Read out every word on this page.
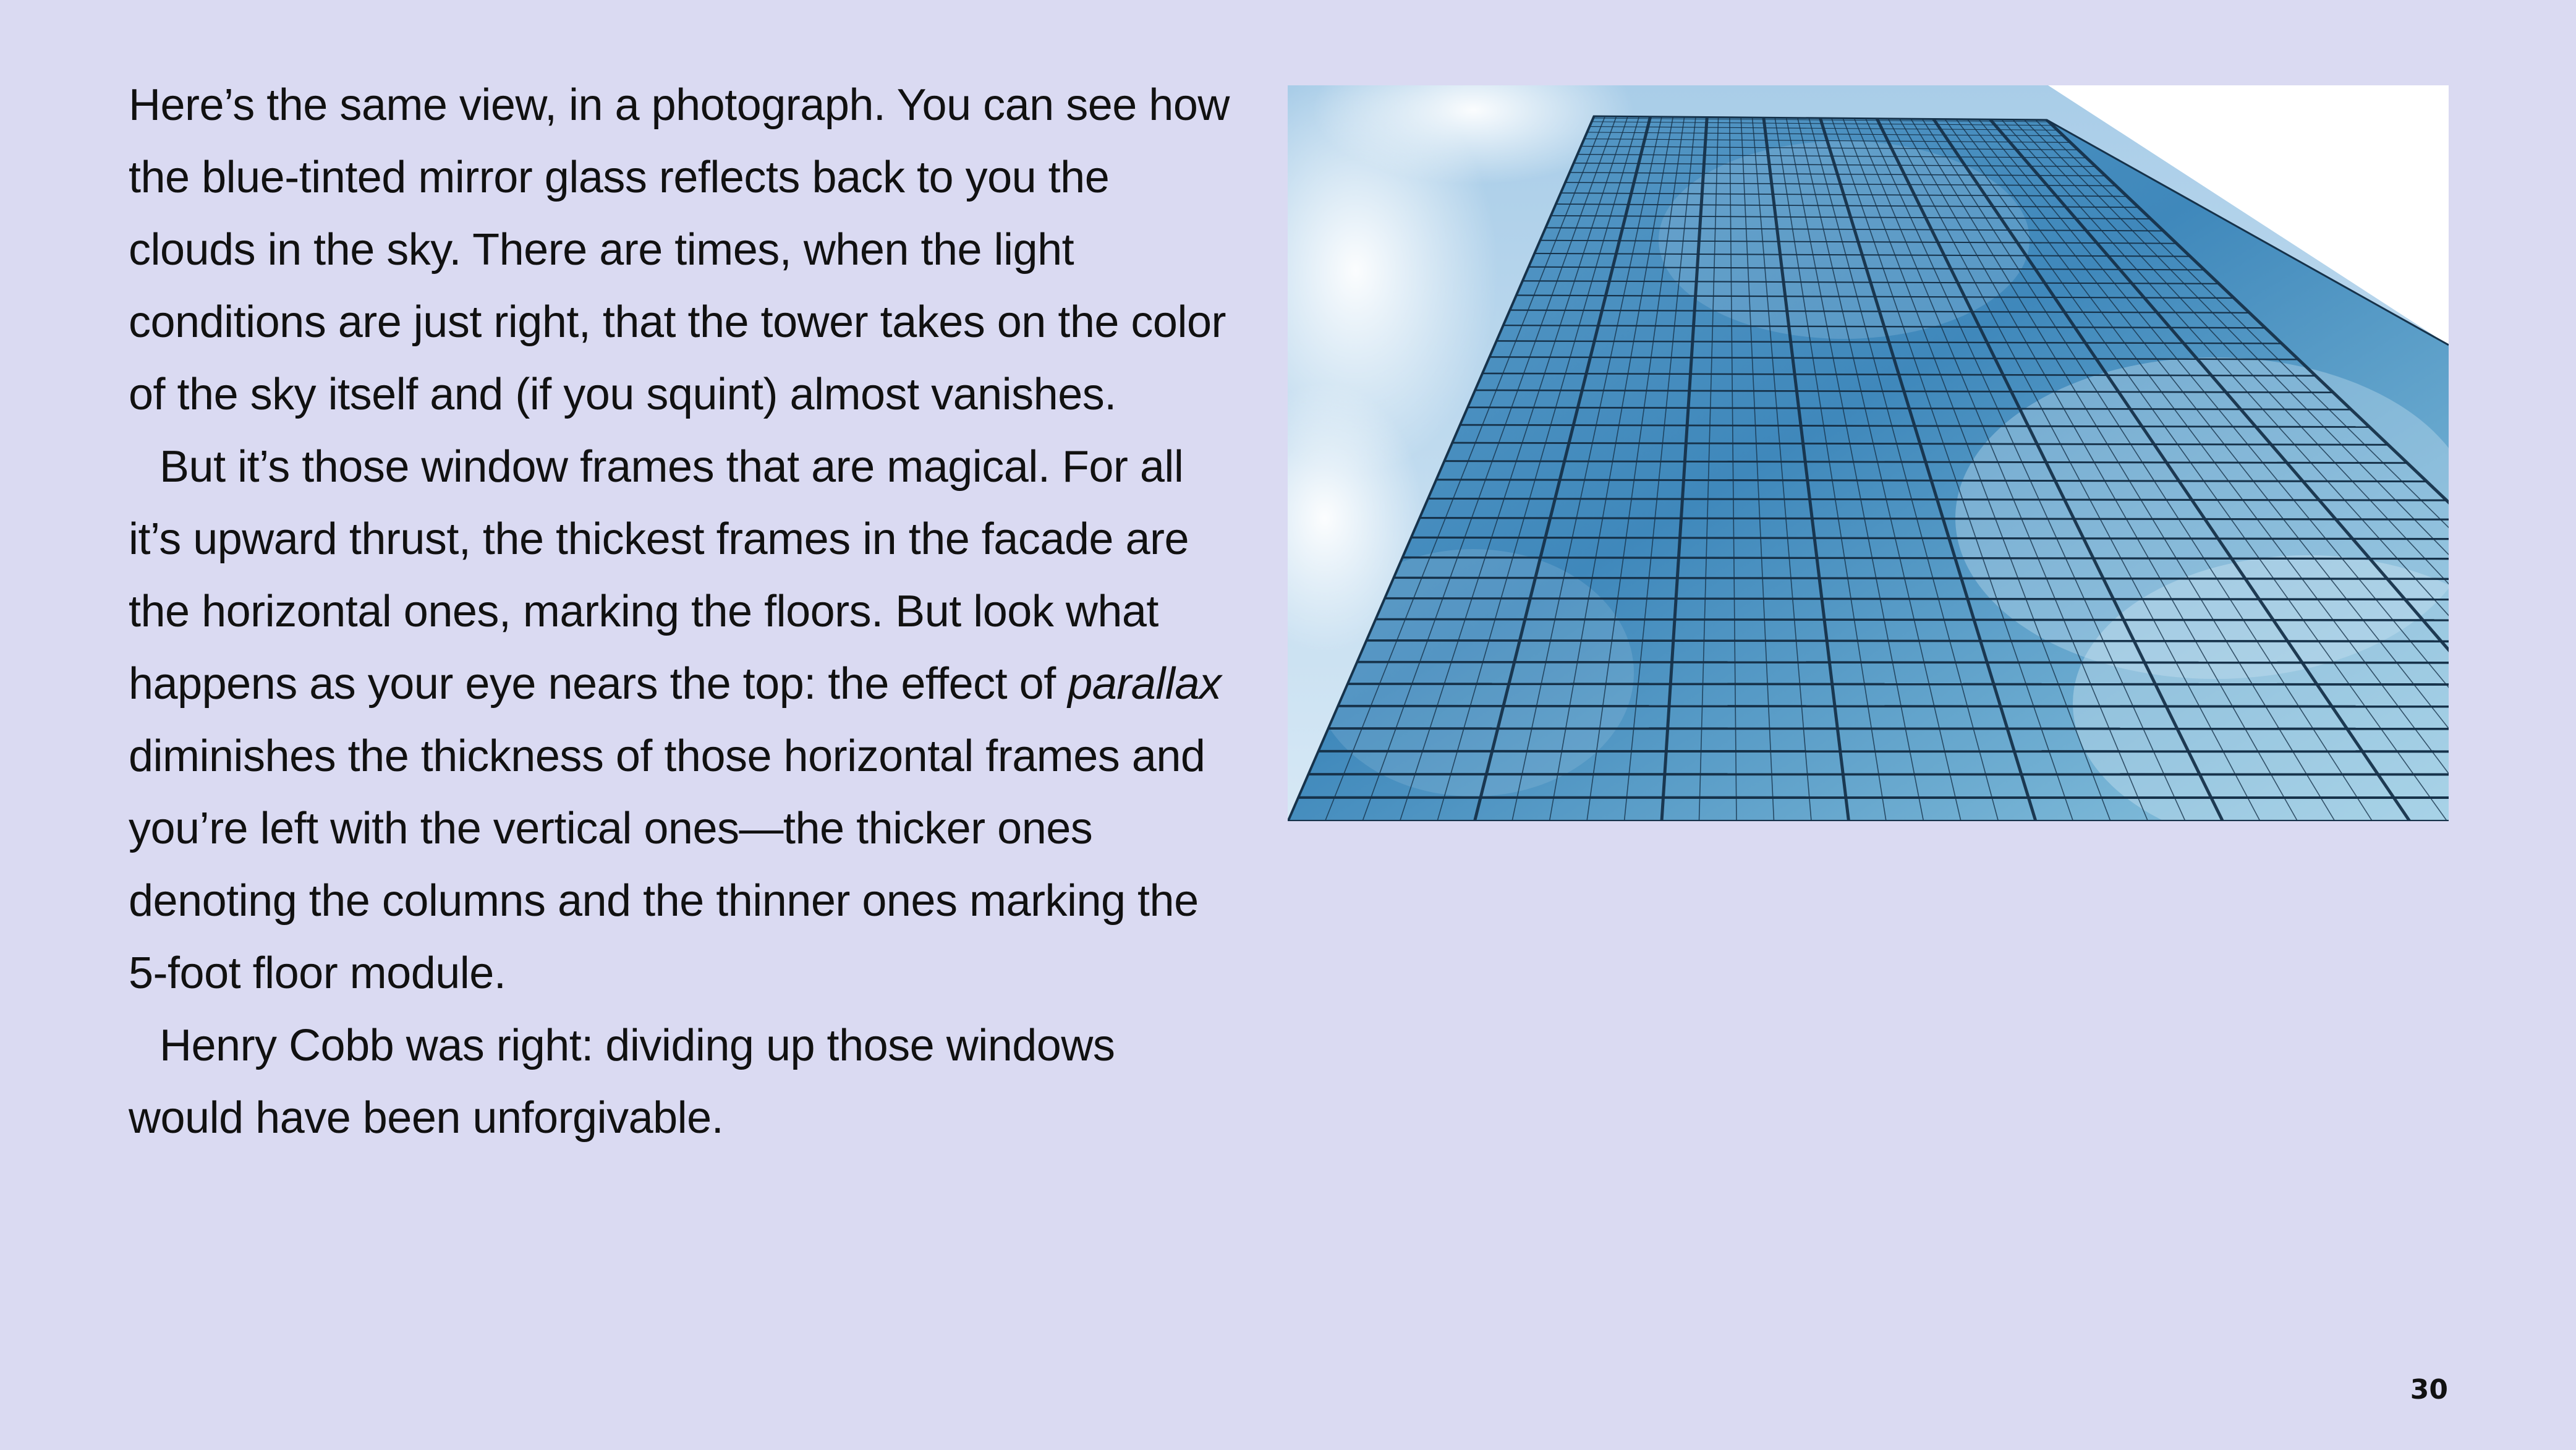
Here’s the same view, in a photograph. You can see how the blue-tinted mirror glass reflects back to you the clouds in the sky. There are times, when the light conditions are just right, that the tower takes on the color of the sky itself and (if you squint) almost vanishes.

But it’s those window frames that are magical. For all it’s upward thrust, the thickest frames in the facade are the horizontal ones, marking the floors. But look what happens as your eye nears the top: the effect of parallax diminishes the thickness of those horizontal frames and you’re left with the vertical ones—the thicker ones denoting the columns and the thinner ones marking the 5-foot floor module.

Henry Cobb was right: dividing up those windows would have been unforgivable.

30
